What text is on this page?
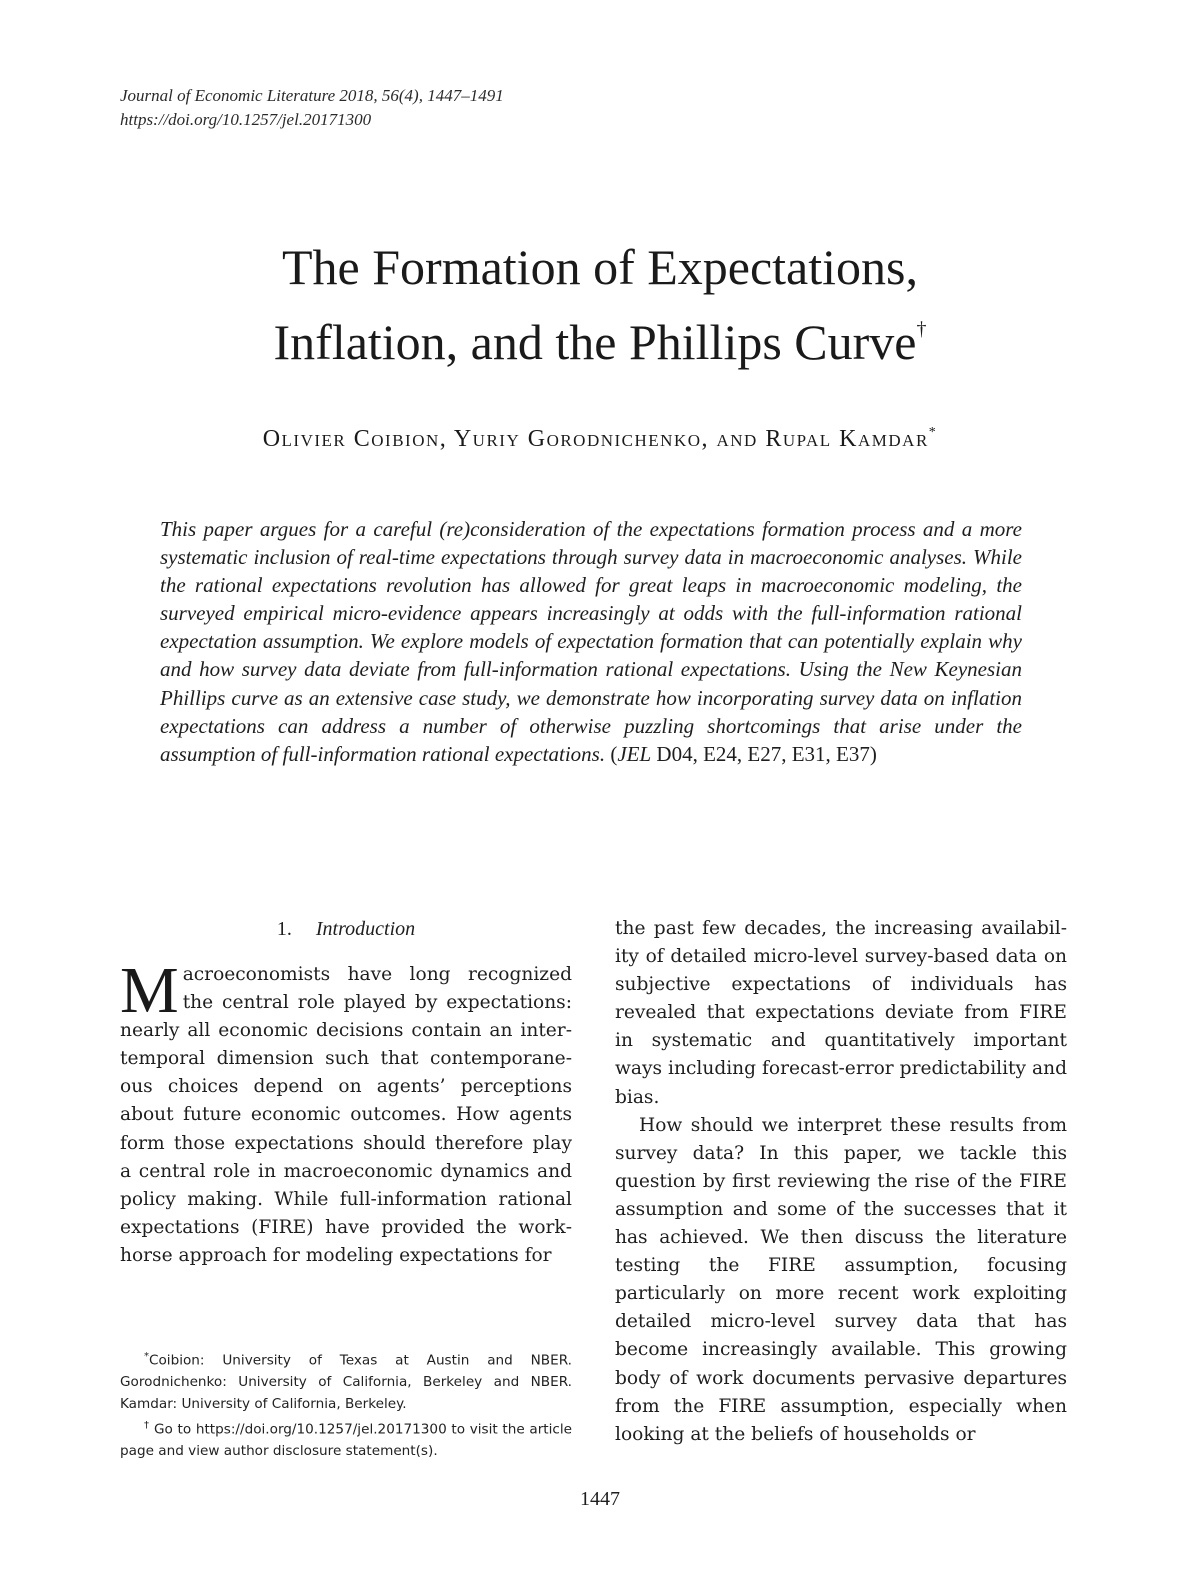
Journal of Economic Literature 2018, 56(4), 1447–1491
https://doi.org/10.1257/jel.20171300
The Formation of Expectations,
Inflation, and the Phillips Curve†
Olivier Coibion, Yuriy Gorodnichenko, and Rupal Kamdar*

This paper argues for a careful (re)consideration of the expectations formation process and a more systematic inclusion of real-time expectations through survey data in macroeconomic analyses. While the rational expectations revolution has allowed for great leaps in macroeconomic modeling, the surveyed empirical micro-evidence appears increasingly at odds with the full-information rational expectation assumption. We explore models of expectation formation that can potentially explain why and how survey data deviate from full-information rational expectations. Using the New Keynesian Phillips curve as an extensive case study, we demonstrate how incorporating survey data on inflation expectations can address a number of otherwise puzzling shortcomings that arise under the assumption of full-information rational expectations. (JEL D04, E24, E27, E31, E37)

1. Introduction

Macroeconomists have long recognized the central role played by expectations: nearly all economic decisions contain an intertemporal dimension such that contemporaneous choices depend on agents’ perceptions about future economic outcomes. How agents form those expectations should therefore play a central role in macroeconomic dynamics and policy making. While full-information rational expectations (FIRE) have provided the workhorse approach for modeling expectations for

the past few decades, the increasing availability of detailed micro-level survey-based data on subjective expectations of individuals has revealed that expectations deviate from FIRE in systematic and quantitatively important ways including forecast-error predictability and bias.

How should we interpret these results from survey data? In this paper, we tackle this question by first reviewing the rise of the FIRE assumption and some of the successes that it has achieved. We then discuss the literature testing the FIRE assumption, focusing particularly on more recent work exploiting detailed micro-level survey data that has become increasingly available. This growing body of work documents pervasive departures from the FIRE assumption, especially when looking at the beliefs of households or

*Coibion: University of Texas at Austin and NBER. Gorodnichenko: University of California, Berkeley and NBER. Kamdar: University of California, Berkeley.

† Go to https://doi.org/10.1257/jel.20171300 to visit the article page and view author disclosure statement(s).

1447
